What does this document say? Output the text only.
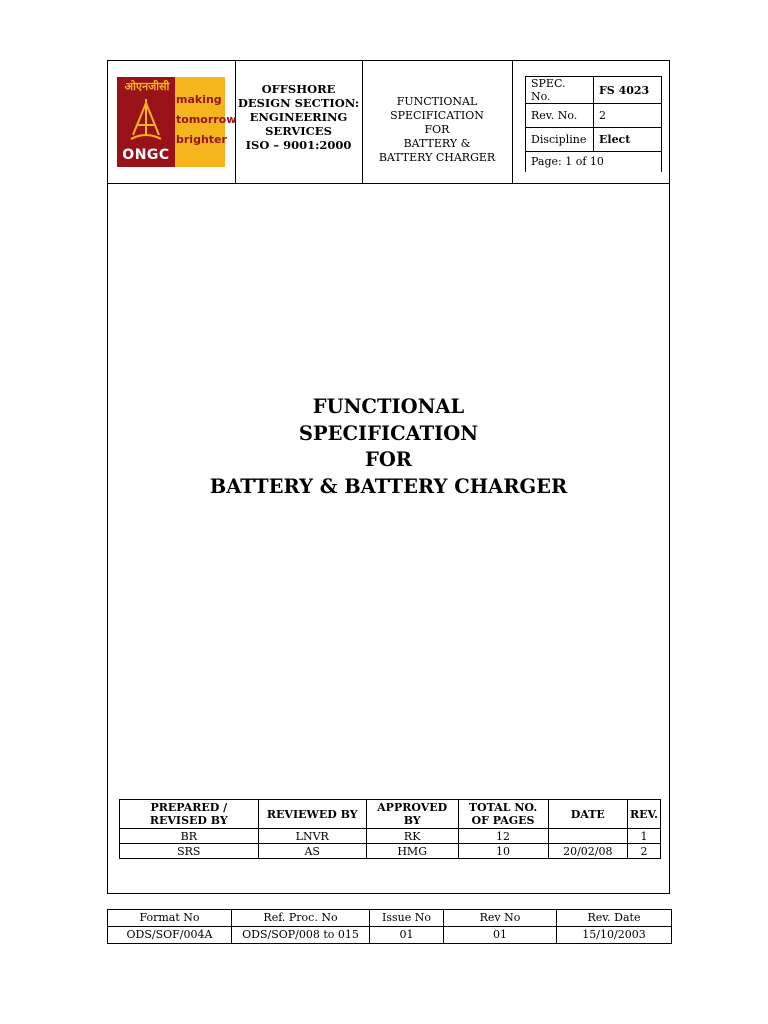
ओएनजीसी
ONGC
making
tomorrow
brighter
OFFSHORE
DESIGN SECTION:
ENGINEERING
SERVICES
ISO – 9001:2000
FUNCTIONAL
SPECIFICATION
FOR
BATTERY &
BATTERY CHARGER
SPEC. No.	FS 4023
Rev. No.	2
Discipline	Elect
Page: 1 of 10	
FUNCTIONAL
SPECIFICATION
FOR
BATTERY & BATTERY CHARGER
PREPARED / REVISED BY	REVIEWED BY	APPROVED BY	TOTAL NO. OF PAGES	DATE	REV.
BR	LNVR	RK	12		1
SRS	AS	HMG	10	20/02/08	2
Format No	Ref. Proc. No	Issue No	Rev No	Rev. Date
ODS/SOF/004A	ODS/SOP/008 to 015	01	01	15/10/2003
